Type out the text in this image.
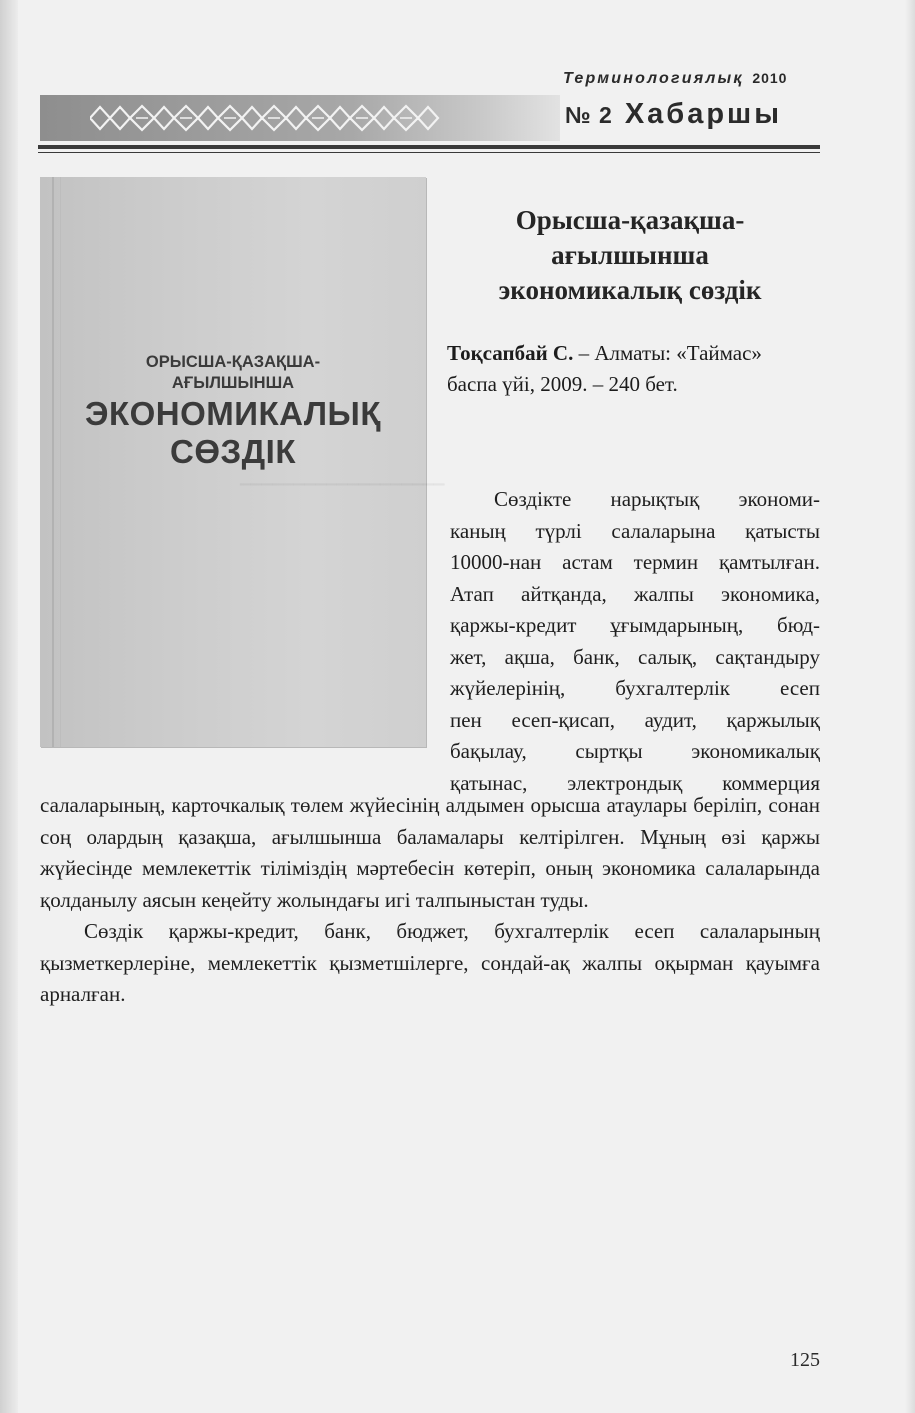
Терминологиялық 2010
№ 2 Хабаршы
▁▁▁▁▁▁▁▁▁▁▁▁▁▁▁▁▁▁▁
ОРЫСША-ҚАЗАҚША-
АҒЫЛШЫНША
ЭКОНОМИКАЛЫҚ
СӨЗДІК
Орысша-қазақша-
ағылшынша
экономикалық сөздік
Тоқсапбай С. – Алматы: «Таймас»
баспа үйі, 2009. – 240 бет.
Сөздікте нарықтық экономи-
каның түрлі салаларына қатысты
10000-нан астам термин қамтылған.
Атап айтқанда, жалпы экономика,
қаржы-кредит ұғымдарының, бюд-
жет, ақша, банк, салық, сақтандыру
жүйелерінің, бухгалтерлік есеп
пен есеп-қисап, аудит, қаржылық
бақылау, сыртқы экономикалық
қатынас, электрондық коммерция

салаларының, карточкалық төлем жүйесінің алдымен орысша атаулары беріліп, сонан соң олардың қазақша, ағылшынша баламалары келтірілген. Мұның өзі қаржы жүйесінде мемлекеттік тіліміздің мәртебесін көтеріп, оның экономика салаларында қолданылу аясын кеңейту жолындағы игі талпыныстан туды.

Сөздік қаржы-кредит, банк, бюджет, бухгалтерлік есеп салаларының қызметкерлеріне, мемлекеттік қызметшілерге, сондай-ақ жалпы оқырман қауымға арналған.

125
